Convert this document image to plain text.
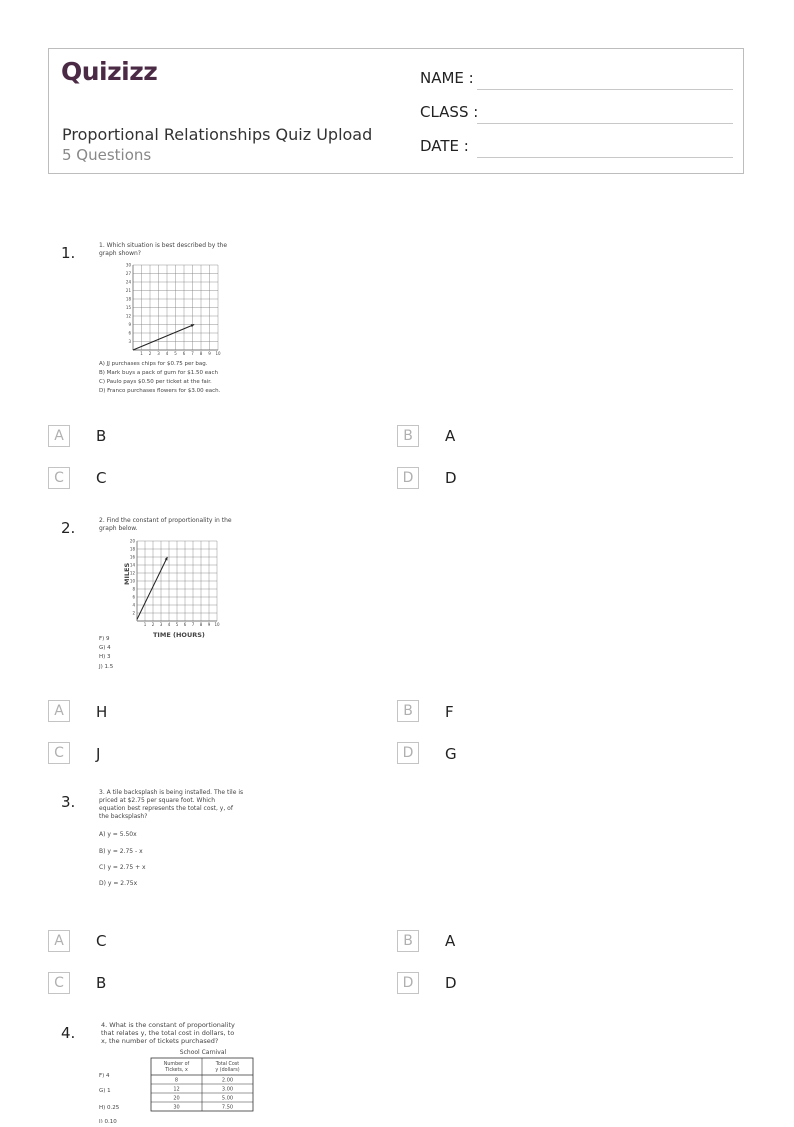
Quizizz
Proportional Relationships Quiz Upload
5 Questions
NAME :
CLASS :
DATE :
1.	1. Which situation is best described by the
graph shown?
30
27
24
21
18
15
12
9
6
3
1 2 3 4 5 6 7 8 9 10
A) JJ purchases chips for $0.75 per bag.
B) Mark buys a pack of gum for $1.50 each
C) Paulo pays $0.50 per ticket at the fair.
D) Franco purchases flowers for $3.00 each.
A	B	B	A
C	C	D	D
2.	2. Find the constant of proportionality in the
graph below.
MILES
TIME (HOURS)
20
18
16
14
12
10
8
6
4
2
1 2 3 4 5 6 7 8 9 10
F) 9
G) 4
H) 3
J) 1.5
A	H	B	F
C	J	D	G
3.
3. A tile backsplash is being installed. The tile is
priced at $2.75 per square foot. Which
equation best represents the total cost, y, of
the backsplash?
A) y = 5.50x
B) y = 2.75 - x
C) y = 2.75 + x
D) y = 2.75x
A	C	B	A
C	B	D	D
4.	4. What is the constant of proportionality
that relates y, the total cost in dollars, to
x, the number of tickets purchased?
School Carnival
Number of Tickets, x
Total Cost y (dollars)
8	2.00
12	3.00
20	5.00
30	7.50
F) 4
G) 1
H) 0.25
J) 0.10
